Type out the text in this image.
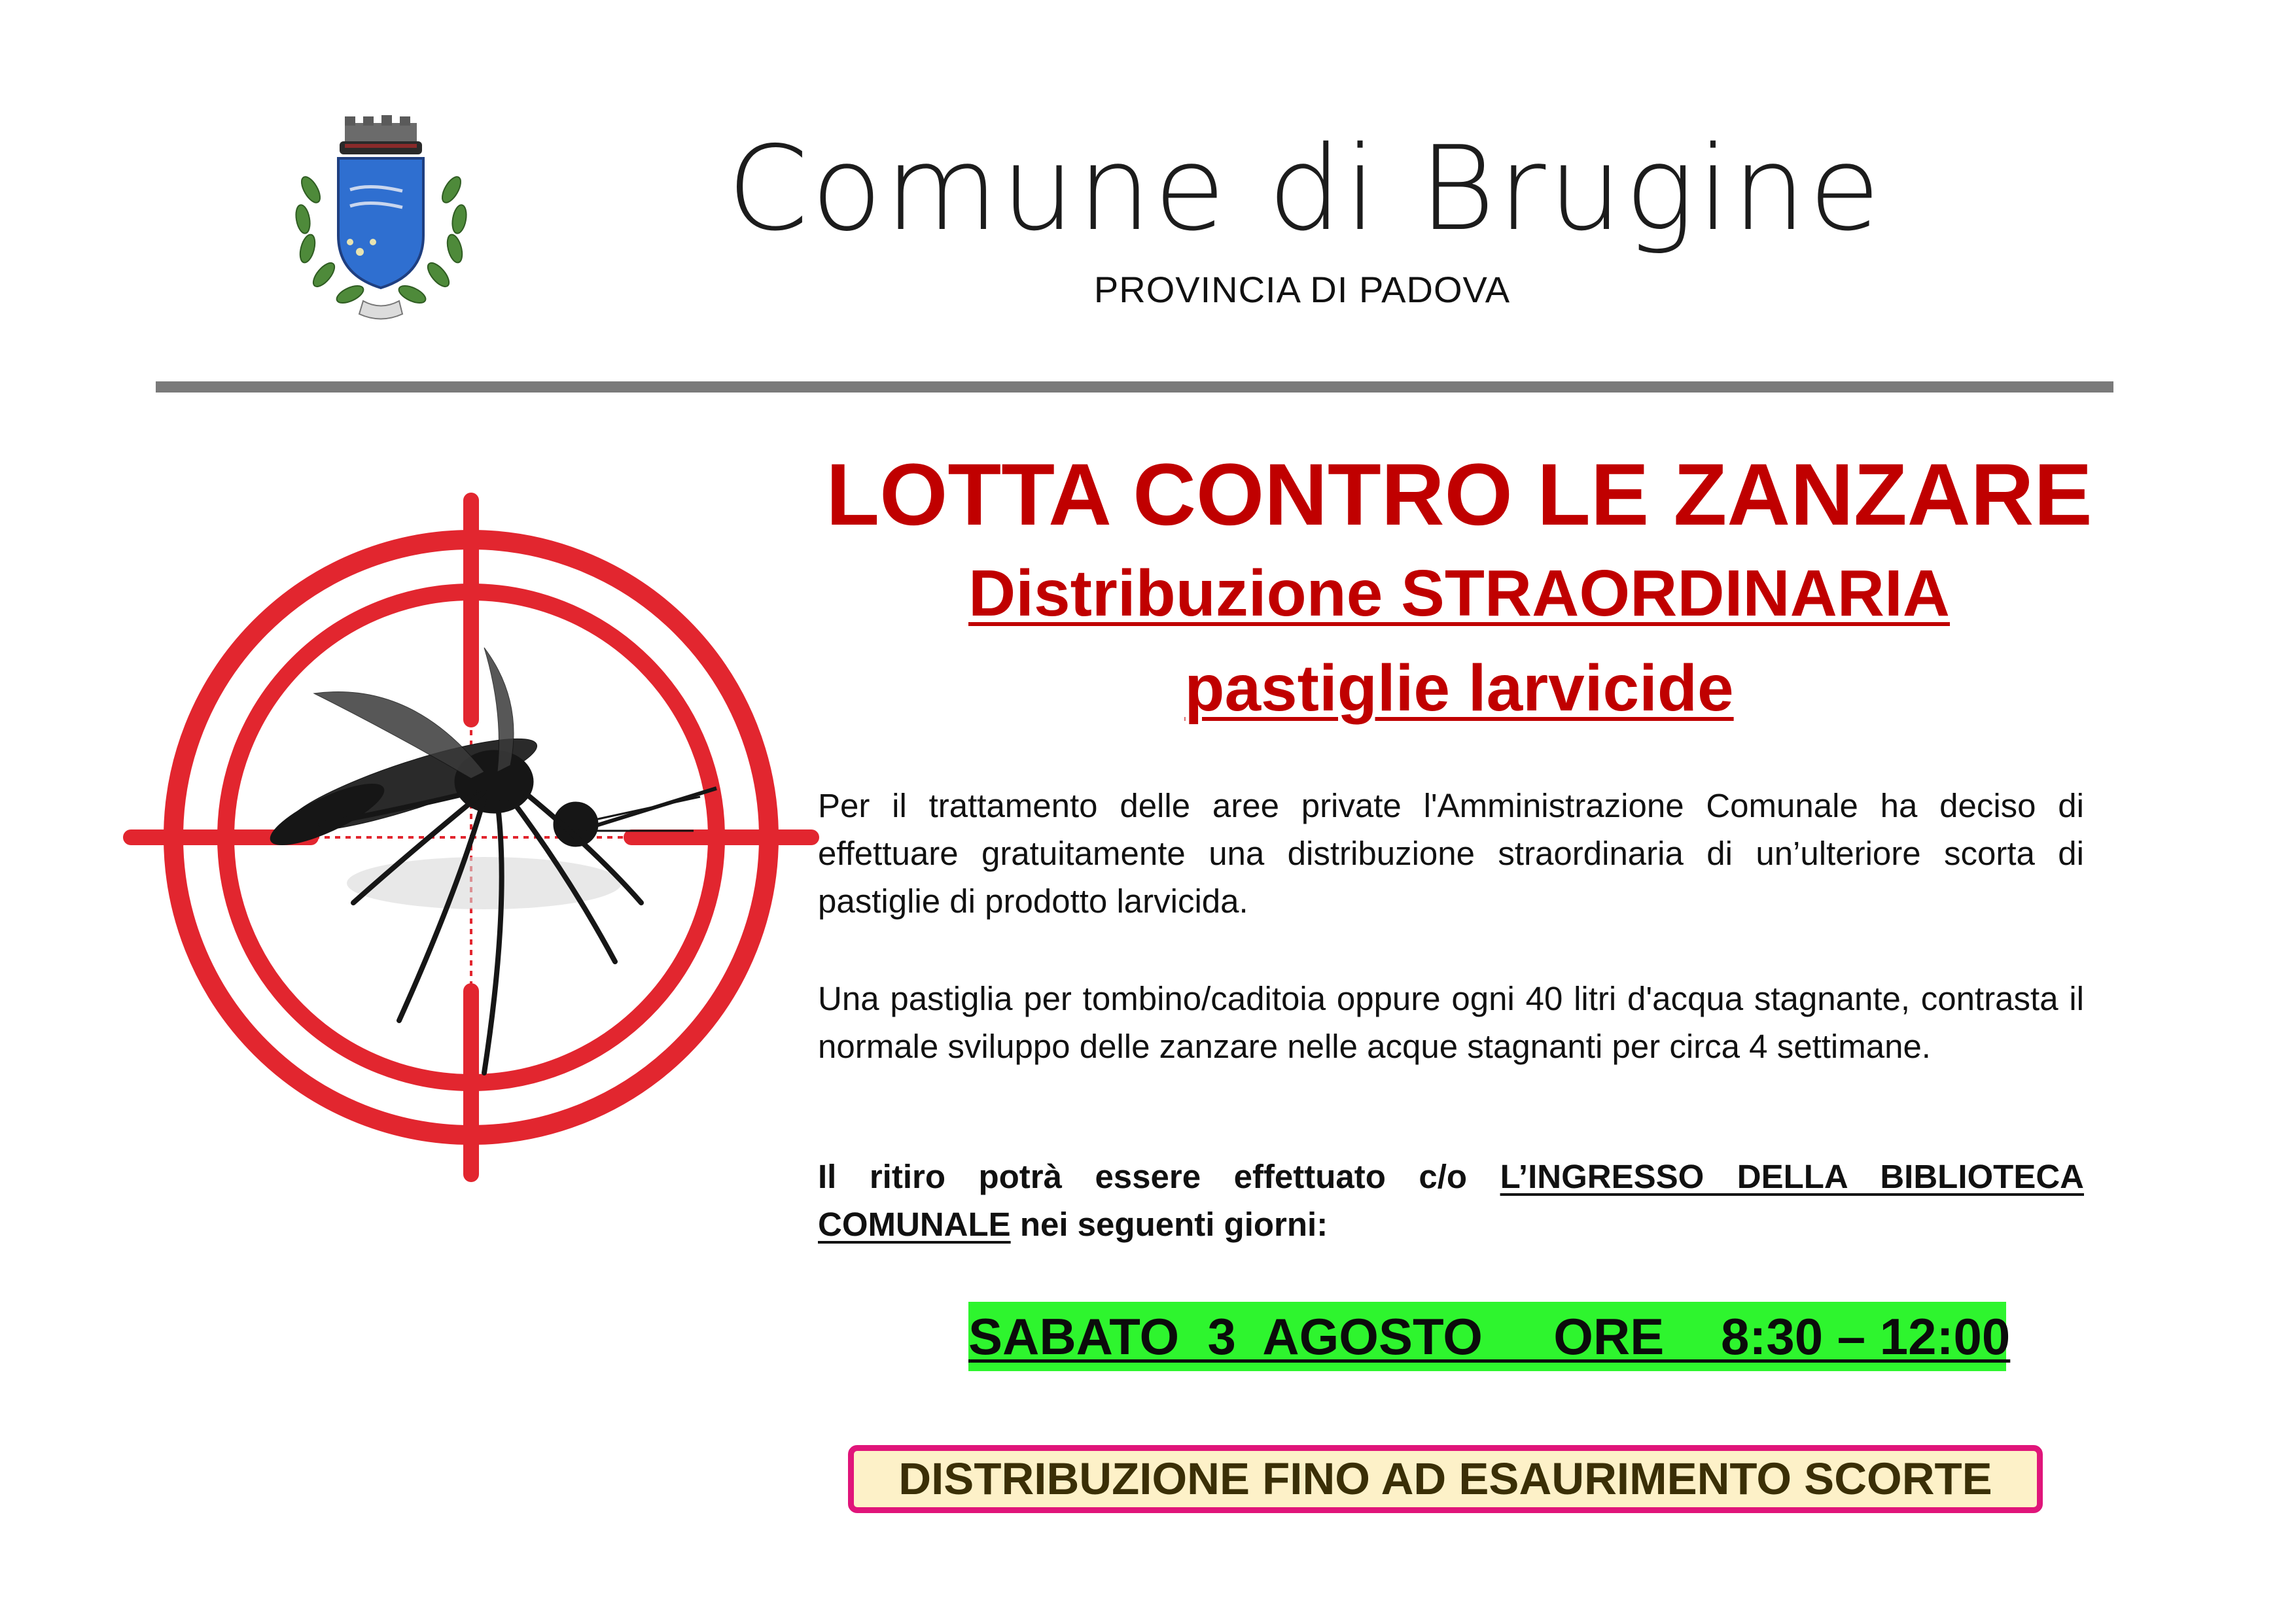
Comune di Brugine
PROVINCIA DI PADOVA
LOTTA CONTRO LE ZANZARE
Distribuzione STRAORDINARIA
pastiglie larvicide
Per il trattamento delle aree private l'Amministrazione Comunale ha deciso di effettuare gratuitamente una distribuzione straordinaria di un’ulteriore scorta di pastiglie di prodotto larvicida.
Una pastiglia per tombino/caditoia oppure ogni 40 litri d'acqua stagnante, contrasta il normale sviluppo delle zanzare nelle acque stagnanti per circa 4 settimane.
Il ritiro potrà essere effettuato c/o L’INGRESSO DELLA BIBLIOTECA COMUNALE nei seguenti giorni:
SABATO  3  AGOSTO     ORE    8:30 – 12:00
DISTRIBUZIONE FINO AD ESAURIMENTO SCORTE
